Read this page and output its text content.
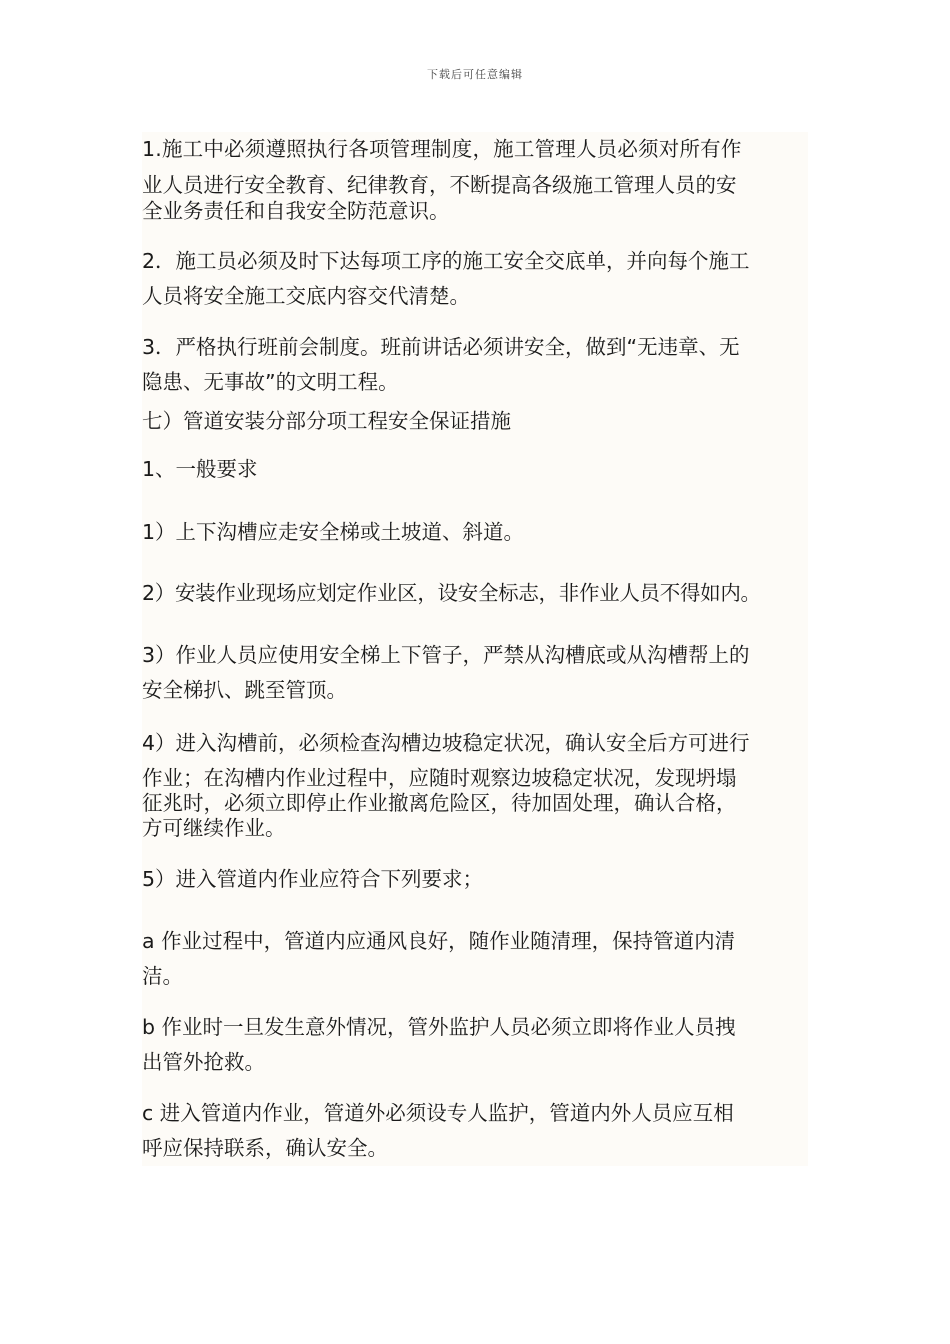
下载后可任意编辑
1.施工中必须遵照执行各项管理制度，施工管理人员必须对所有作
业人员进行安全教育、纪律教育，不断提高各级施工管理人员的安
全业务责任和自我安全防范意识。
2．施工员必须及时下达每项工序的施工安全交底单，并向每个施工
人员将安全施工交底内容交代清楚。
3．严格执行班前会制度。班前讲话必须讲安全，做到“无违章、无
隐患、无事故”的文明工程。
七）管道安装分部分项工程安全保证措施
1、一般要求
1）上下沟槽应走安全梯或土坡道、斜道。
2）安装作业现场应划定作业区，设安全标志，非作业人员不得如内。
3）作业人员应使用安全梯上下管子，严禁从沟槽底或从沟槽帮上的
安全梯扒、跳至管顶。
4）进入沟槽前，必须检查沟槽边坡稳定状况，确认安全后方可进行
作业；在沟槽内作业过程中，应随时观察边坡稳定状况，发现坍塌
征兆时，必须立即停止作业撤离危险区，待加固处理，确认合格，
方可继续作业。
5）进入管道内作业应符合下列要求；
a 作业过程中，管道内应通风良好，随作业随清理，保持管道内清
洁。
b 作业时一旦发生意外情况，管外监护人员必须立即将作业人员拽
出管外抢救。
c 进入管道内作业，管道外必须设专人监护，管道内外人员应互相
呼应保持联系，确认安全。
